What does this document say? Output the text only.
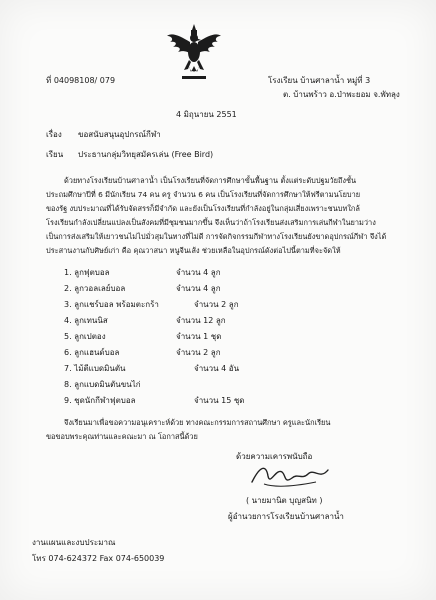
ที่ 04098108/ 079	โรงเรียน บ้านศาลาน้ำ หมู่ที่ 3
ต. บ้านพร้าว อ.ป่าพะยอม จ.พัทลุง
4 มิถุนายน 2551
เรื่อง ขอสนับสนุนอุปกรณ์กีฬา
เรียน ประธานกลุ่มวิทยุสมัครเล่น (Free Bird)
ด้วยทางโรงเรียนบ้านศาลาน้ำ เป็นโรงเรียนที่จัดการศึกษาขั้นพื้นฐาน ตั้งแต่ระดับปฐมวัยถึงชั้น
ประถมศึกษาปีที่ 6 มีนักเรียน 74 คน ครู จำนวน 6 คน เป็นโรงเรียนที่จัดการศึกษาให้ฟรีตามนโยบาย
ของรัฐ งบประมาณที่ได้รับจัดสรรก็มีจำกัด และยังเป็นโรงเรียนที่กำลังอยู่ในกลุ่มเสี่ยงเพราะชนบทใกล้
โรงเรียนกำลังเปลี่ยนแปลงเป็นสังคมที่มีชุมชนมากขึ้น จึงเห็นว่าถ้าโรงเรียนส่งเสริมการเล่นกีฬาในยามว่าง
เป็นการส่งเสริมให้เยาวชนไม่ไปมั่วสุมในทางที่ไม่ดี การจัดกิจกรรมกีฬาทางโรงเรียนยังขาดอุปกรณ์กีฬา จึงได้
ประสานงานกับศิษย์เก่า คือ คุณวาสนา หนูจีนเส้ง ช่วยเหลือในอุปกรณ์ดังต่อไปนี้ตามที่จะจัดให้
1. ลูกฟุตบอล	จำนวน 4 ลูก
2. ลูกวอลเลย์บอล	จำนวน 4 ลูก
3. ลูกแชร์บอล พร้อมตะกร้า	จำนวน 2 ลูก
4. ลูกเทนนิส	จำนวน 12 ลูก
5. ลูกเปตอง	จำนวน 1 ชุด
6. ลูกแฮนด์บอล	จำนวน 2 ลูก
7. ไม้ตีแบดมินตัน	จำนวน 4 อัน
8. ลูกแบดมินตันขนไก่
9. ชุดนักกีฬาฟุตบอล	จำนวน 15 ชุด
จึงเรียนมาเพื่อขอความอนุเคราะห์ด้วย ทางคณะกรรมการสถานศึกษา ครูและนักเรียน
ขอขอบพระคุณท่านและคณะมา ณ โอกาสนี้ด้วย
ด้วยความเคารพนับถือ
( นายมานิต บุญสนิท )
ผู้อำนวยการโรงเรียนบ้านศาลาน้ำ
งานแผนและงบประมาณ
โทร 074-624372 Fax 074-650039
